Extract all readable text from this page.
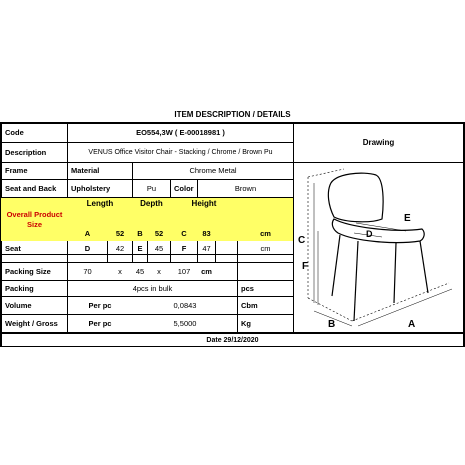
ITEM DESCRIPTION / DETAILS
Code	EO554,3W ( E-00018981 )
Description	VENUS Office Visitor Chair - Stacking / Chrome / Brown Pu
Frame	Material	Chrome Metal
Seat and Back	Upholstery	Pu	Color	Brown
Overall Product
Size
Length	Depth	Height
A	52	B	52	C	83	cm
Seat	D	42	E	45	F	47	cm
Packing Size	70	x	45	x	107	cm
Packing	4pcs in bulk	pcs
Volume	Per pc	0,0843	Cbm
Weight / Gross	Per pc	5,5000	Kg
Date 29/12/2020
Drawing
C
F
B	A
D
E
